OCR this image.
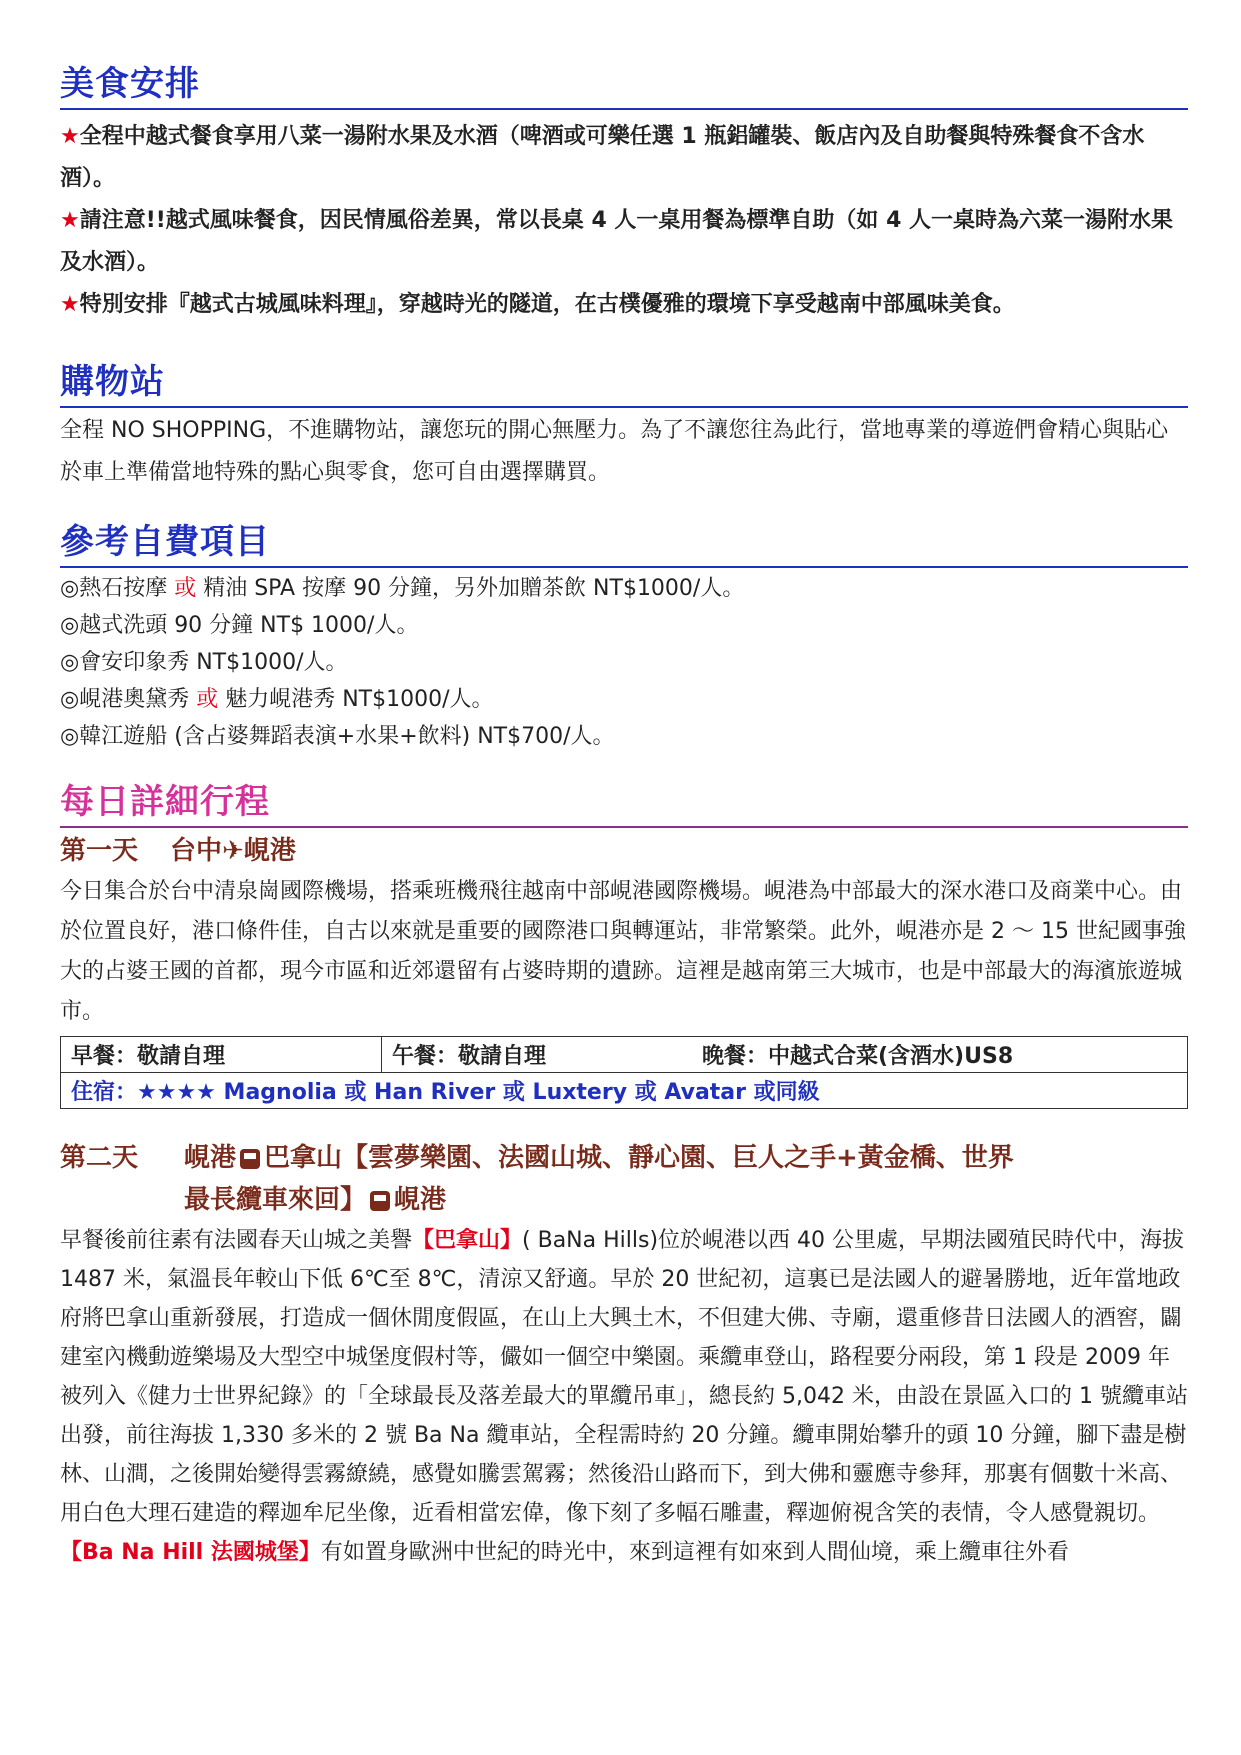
美食安排
★全程中越式餐食享用八菜一湯附水果及水酒（啤酒或可樂任選 1 瓶鋁罐裝、飯店內及自助餐與特殊餐食不含水酒）。
★請注意!!越式風味餐食，因民情風俗差異，常以長桌 4 人一桌用餐為標準自助（如 4 人一桌時為六菜一湯附水果及水酒）。
★特別安排『越式古城風味料理』，穿越時光的隧道，在古樸優雅的環境下享受越南中部風味美食。
購物站
全程 NO SHOPPING，不進購物站，讓您玩的開心無壓力。為了不讓您往為此行，當地專業的導遊們會精心與貼心於車上準備當地特殊的點心與零食，您可自由選擇購買。
參考自費項目
◎熱石按摩 或 精油 SPA 按摩 90 分鐘，另外加贈茶飲 NT$1000/人。
◎越式洗頭 90 分鐘 NT$ 1000/人。
◎會安印象秀 NT$1000/人。
◎峴港奧黛秀 或 魅力峴港秀 NT$1000/人。
◎韓江遊船 (含占婆舞蹈表演+水果+飲料) NT$700/人。
每日詳細行程
第一天 台中✈峴港
今日集合於台中清泉崗國際機場，搭乘班機飛往越南中部峴港國際機場。峴港為中部最大的深水港口及商業中心。由於位置良好，港口條件佳，自古以來就是重要的國際港口與轉運站，非常繁榮。此外，峴港亦是 2 ～ 15 世紀國事強大的占婆王國的首都，現今市區和近郊還留有占婆時期的遺跡。這裡是越南第三大城市，也是中部最大的海濱旅遊城市。
早餐：敬請自理	午餐：敬請自理	晚餐：中越式合菜(含酒水)US8
住宿：★★★★ Magnolia 或 Han River 或 Luxtery 或 Avatar 或同級
第二天	峴港 巴拿山【雲夢樂園、法國山城、靜心園、巨人之手+黃金橋、世界
最長纜車來回】 峴港
早餐後前往素有法國春天山城之美譽【巴拿山】( BaNa Hills)位於峴港以西 40 公里處，早期法國殖民時代中，海拔 1487 米，氣溫長年較山下低 6℃至 8℃，清涼又舒適。早於 20 世紀初，這裏已是法國人的避暑勝地，近年當地政府將巴拿山重新發展，打造成一個休閒度假區，在山上大興土木，不但建大佛、寺廟，還重修昔日法國人的酒窖，闢建室內機動遊樂場及大型空中城堡度假村等，儼如一個空中樂園。乘纜車登山，路程要分兩段，第 1 段是 2009 年被列入《健力士世界紀錄》的「全球最長及落差最大的單纜吊車」，總長約 5,042 米，由設在景區入口的 1 號纜車站出發，前往海拔 1,330 多米的 2 號 Ba Na 纜車站，全程需時約 20 分鐘。纜車開始攀升的頭 10 分鐘，腳下盡是樹林、山澗，之後開始變得雲霧繚繞，感覺如騰雲駕霧；然後沿山路而下，到大佛和靈應寺參拜，那裏有個數十米高、用白色大理石建造的釋迦牟尼坐像，近看相當宏偉，像下刻了多幅石雕畫，釋迦俯視含笑的表情，令人感覺親切。
【Ba Na Hill 法國城堡】有如置身歐洲中世紀的時光中，來到這裡有如來到人間仙境，乘上纜車往外看
